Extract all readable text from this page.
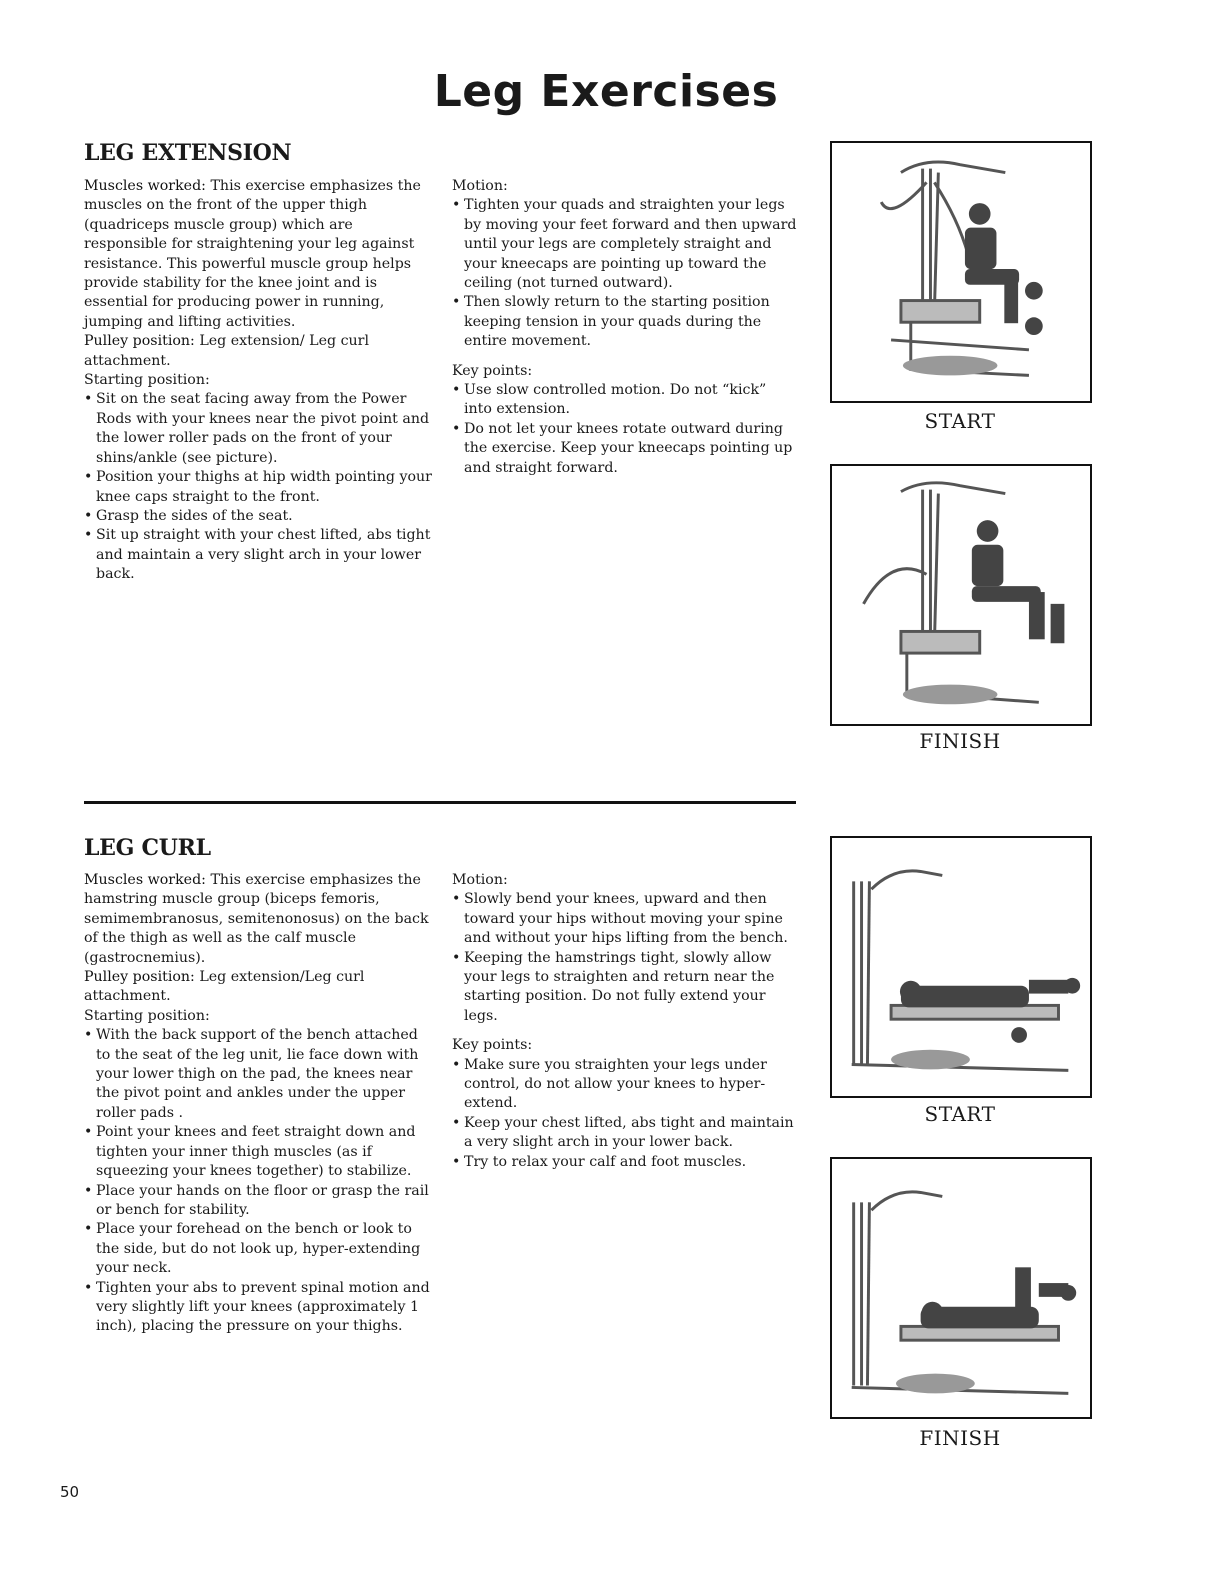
Leg Exercises
LEG EXTENSION

Muscles worked: This exercise emphasizes the muscles on the front of the upper thigh (quadriceps muscle group) which are responsible for straightening your leg against resistance. This powerful muscle group helps provide stability for the knee joint and is essential for producing power in running, jumping and lifting activities.

Pulley position: Leg extension/ Leg curl attachment.

Starting position:

• Sit on the seat facing away from the Power Rods with your knees near the pivot point and the lower roller pads on the front of your shins/ankle (see picture).
• Position your thighs at hip width pointing your knee caps straight to the front.
• Grasp the sides of the seat.
• Sit up straight with your chest lifted, abs tight and maintain a very slight arch in your lower back.

Motion:

• Tighten your quads and straighten your legs by moving your feet forward and then upward until your legs are completely straight and your kneecaps are pointing up toward the ceiling (not turned outward).
• Then slowly return to the starting position keeping tension in your quads during the entire movement.

Key points:

• Use slow controlled motion. Do not “kick” into extension.
• Do not let your knees rotate outward during the exercise. Keep your kneecaps pointing up and straight forward.
START
FINISH
LEG CURL

Muscles worked: This exercise emphasizes the hamstring muscle group (biceps femoris, semimembranosus, semitenonosus) on the back of the thigh as well as the calf muscle (gastrocnemius).

Pulley position: Leg extension/Leg curl attachment.

Starting position:

• With the back support of the bench attached to the seat of the leg unit, lie face down with your lower thigh on the pad, the knees near the pivot point and ankles under the upper roller pads .
• Point your knees and feet straight down and tighten your inner thigh muscles (as if squeezing your knees together) to stabilize.
• Place your hands on the floor or grasp the rail or bench for stability.
• Place your forehead on the bench or look to the side, but do not look up, hyper-extending your neck.
• Tighten your abs to prevent spinal motion and very slightly lift your knees (approximately 1 inch), placing the pressure on your thighs.

Motion:

• Slowly bend your knees, upward and then toward your hips without moving your spine and without your hips lifting from the bench.
• Keeping the hamstrings tight, slowly allow your legs to straighten and return near the starting position. Do not fully extend your legs.

Key points:

• Make sure you straighten your legs under control, do not allow your knees to hyper-extend.
• Keep your chest lifted, abs tight and maintain a very slight arch in your lower back.
• Try to relax your calf and foot muscles.
START
FINISH
50
